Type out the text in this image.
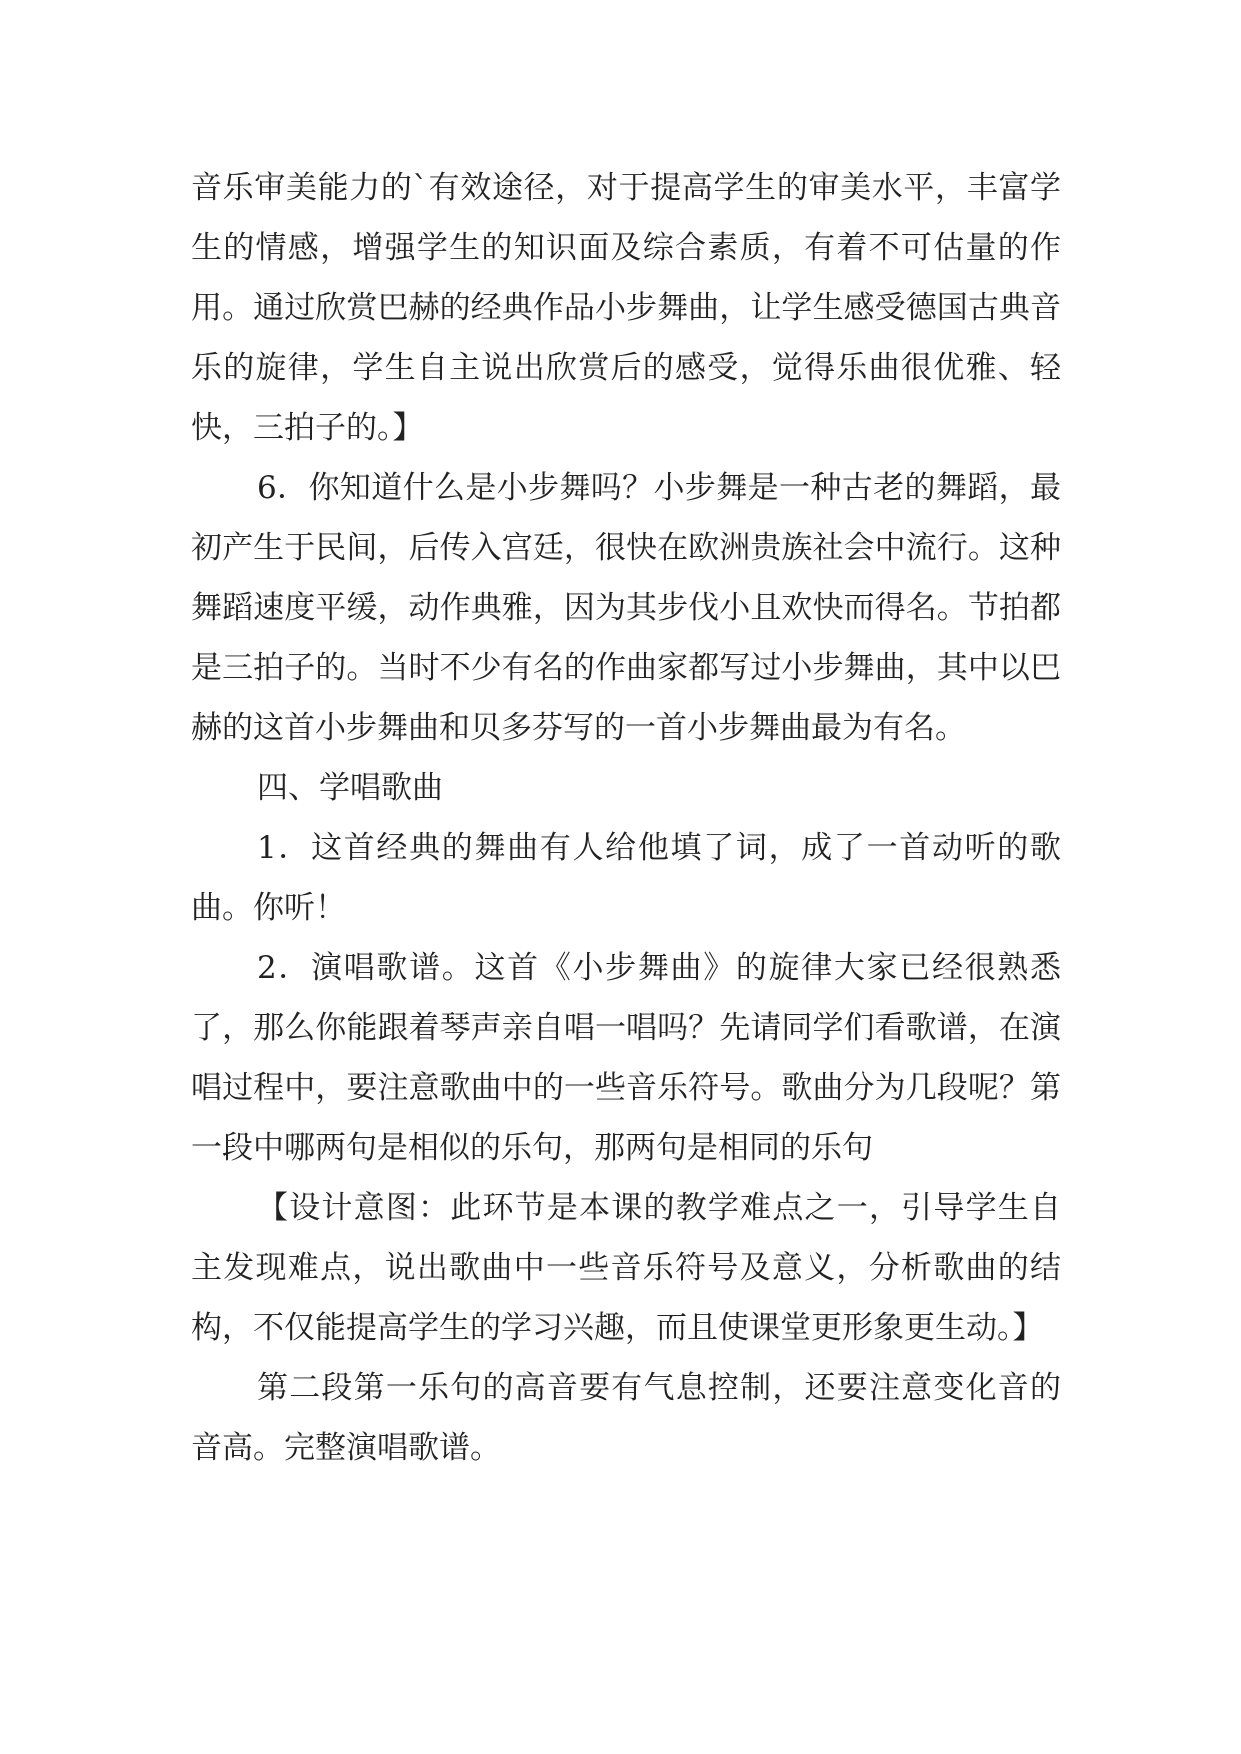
音乐审美能力的`有效途径，对于提高学生的审美水平，丰富学生的情感，增强学生的知识面及综合素质，有着不可估量的作用。通过欣赏巴赫的经典作品小步舞曲，让学生感受德国古典音乐的旋律，学生自主说出欣赏后的感受，觉得乐曲很优雅、轻快，三拍子的。】

6．你知道什么是小步舞吗？小步舞是一种古老的舞蹈，最初产生于民间，后传入宫廷，很快在欧洲贵族社会中流行。这种舞蹈速度平缓，动作典雅，因为其步伐小且欢快而得名。节拍都是三拍子的。当时不少有名的作曲家都写过小步舞曲，其中以巴赫的这首小步舞曲和贝多芬写的一首小步舞曲最为有名。

四、学唱歌曲

1．这首经典的舞曲有人给他填了词，成了一首动听的歌曲。你听！

2．演唱歌谱。这首《小步舞曲》的旋律大家已经很熟悉了，那么你能跟着琴声亲自唱一唱吗？先请同学们看歌谱，在演唱过程中，要注意歌曲中的一些音乐符号。歌曲分为几段呢？第一段中哪两句是相似的乐句，那两句是相同的乐句

【设计意图：此环节是本课的教学难点之一，引导学生自主发现难点，说出歌曲中一些音乐符号及意义，分析歌曲的结构，不仅能提高学生的学习兴趣，而且使课堂更形象更生动。】

第二段第一乐句的高音要有气息控制，还要注意变化音的音高。完整演唱歌谱。
